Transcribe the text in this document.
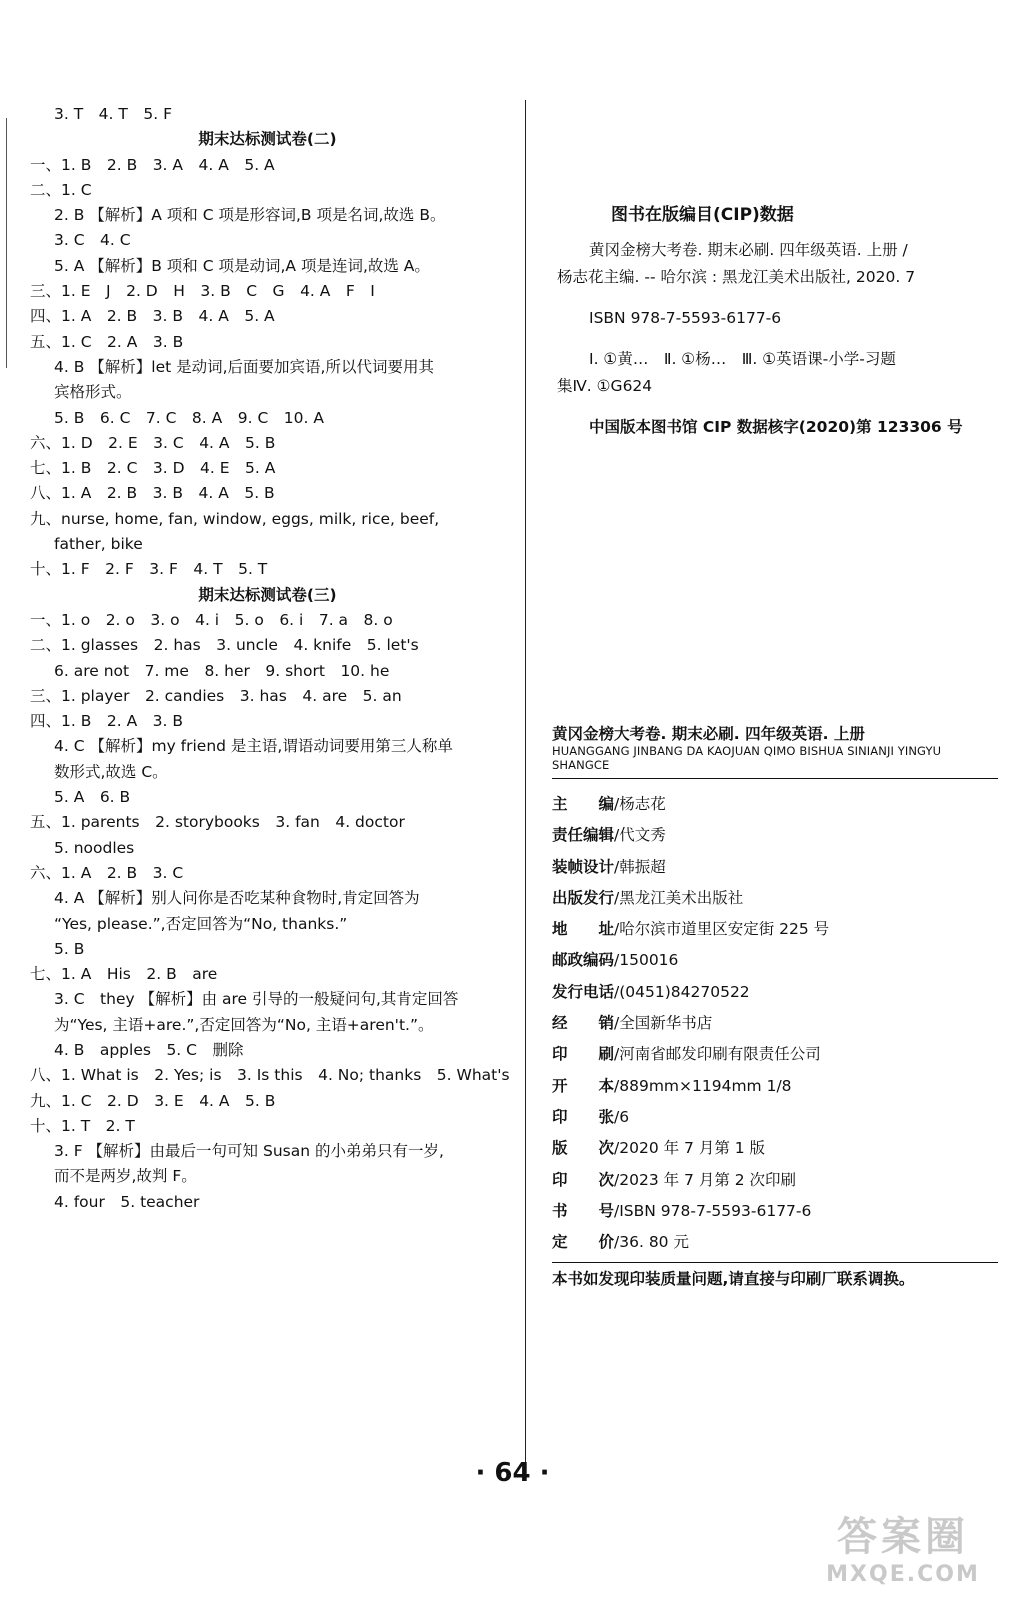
3. T　4. T　5. F
期末达标测试卷(二)
一、1. B　2. B　3. A　4. A　5. A
二、1. C
2. B 【解析】A 项和 C 项是形容词,B 项是名词,故选 B。
3. C　4. C
5. A 【解析】B 项和 C 项是动词,A 项是连词,故选 A。
三、1. E　J　2. D　H　3. B　C　G　4. A　F　I
四、1. A　2. B　3. B　4. A　5. A
五、1. C　2. A　3. B
4. B 【解析】let 是动词,后面要加宾语,所以代词要用其
宾格形式。
5. B　6. C　7. C　8. A　9. C　10. A
六、1. D　2. E　3. C　4. A　5. B
七、1. B　2. C　3. D　4. E　5. A
八、1. A　2. B　3. B　4. A　5. B
九、nurse, home, fan, window, eggs, milk, rice, beef,
father, bike
十、1. F　2. F　3. F　4. T　5. T
期末达标测试卷(三)
一、1. o　2. o　3. o　4. i　5. o　6. i　7. a　8. o
二、1. glasses　2. has　3. uncle　4. knife　5. let's
6. are not　7. me　8. her　9. short　10. he
三、1. player　2. candies　3. has　4. are　5. an
四、1. B　2. A　3. B
4. C 【解析】my friend 是主语,谓语动词要用第三人称单
数形式,故选 C。
5. A　6. B
五、1. parents　2. storybooks　3. fan　4. doctor
5. noodles
六、1. A　2. B　3. C
4. A 【解析】别人问你是否吃某种食物时,肯定回答为
“Yes, please.”,否定回答为“No, thanks.”
5. B
七、1. A　His　2. B　are
3. C　they 【解析】由 are 引导的一般疑问句,其肯定回答
为“Yes, 主语+are.”,否定回答为“No, 主语+aren't.”。
4. B　apples　5. C　删除
八、1. What is　2. Yes; is　3. Is this　4. No; thanks　5. What's
九、1. C　2. D　3. E　4. A　5. B
十、1. T　2. T
3. F 【解析】由最后一句可知 Susan 的小弟弟只有一岁,
而不是两岁,故判 F。
4. four　5. teacher
图书在版编目(CIP)数据

黄冈金榜大考卷. 期末必刷. 四年级英语. 上册 /

杨志花主编. -- 哈尔滨 : 黑龙江美术出版社, 2020. 7

ISBN 978-7-5593-6177-6

Ⅰ. ①黄…　Ⅱ. ①杨…　Ⅲ. ①英语课-小学-习题

集Ⅳ. ①G624

中国版本图书馆 CIP 数据核字(2020)第 123306 号

黄冈金榜大考卷. 期末必刷. 四年级英语. 上册
HUANGGANG JINBANG DA KAOJUAN QIMO BISHUA SINIANJI YINGYU SHANGCE
主　　编/杨志花
责任编辑/代文秀
装帧设计/韩振超
出版发行/黑龙江美术出版社
地　　址/哈尔滨市道里区安定街 225 号
邮政编码/150016
发行电话/(0451)84270522
经　　销/全国新华书店
印　　刷/河南省邮发印刷有限责任公司
开　　本/889mm×1194mm 1/8
印　　张/6
版　　次/2020 年 7 月第 1 版
印　　次/2023 年 7 月第 2 次印刷
书　　号/ISBN 978-7-5593-6177-6
定　　价/36. 80 元
本书如发现印装质量问题,请直接与印刷厂联系调换。
· 64 ·
答案圈
MXQE.COM
